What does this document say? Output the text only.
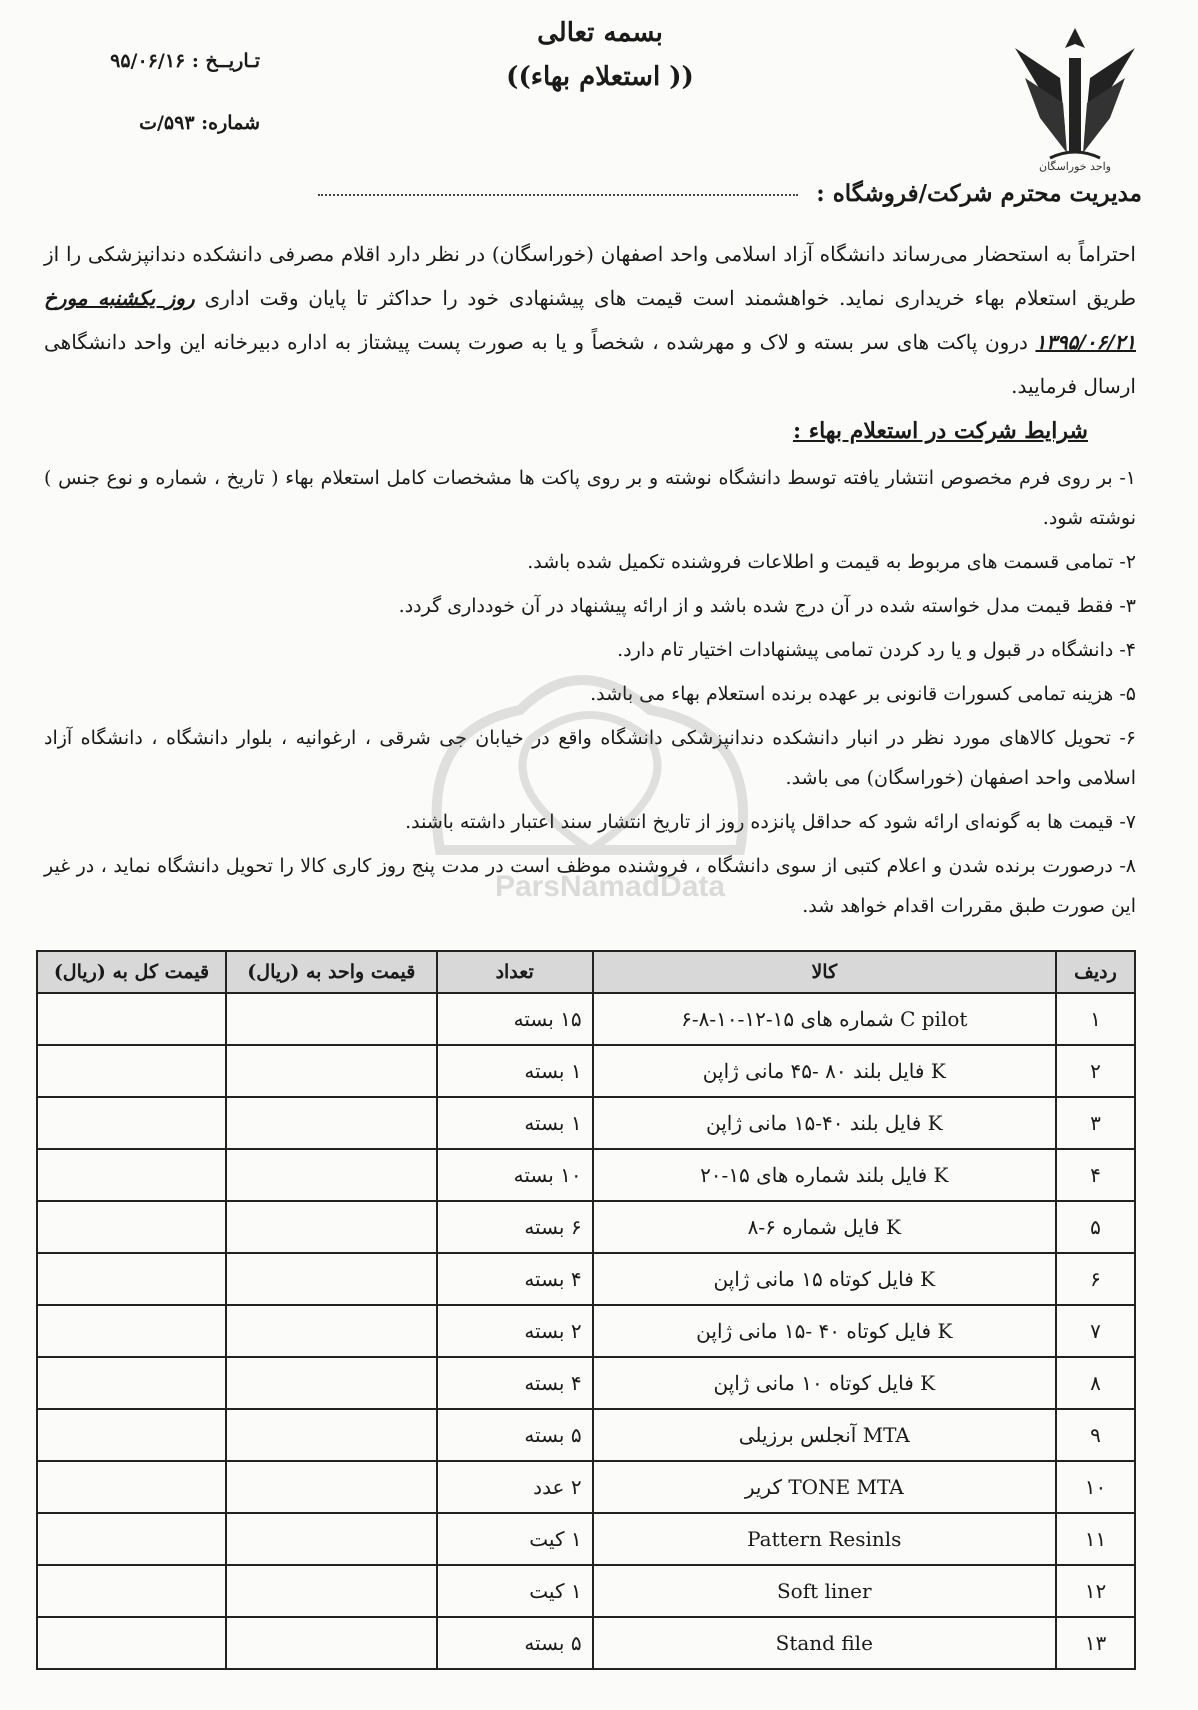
واحد خوراسگان
بسمه تعالی
(( استعلام بهاء))
تـاریــخ : ۹۵/۰۶/۱۶
شماره: ۵۹۳/ت
مدیریت محترم شرکت/فروشگاه :
احتراماً به استحضار می‌رساند دانشگاه آزاد اسلامی واحد اصفهان (خوراسگان) در نظر دارد اقلام مصرفی دانشکده دندانپزشکی را از طریق استعلام بهاء خریداری نماید. خواهشمند است قیمت های پیشنهادی خود را حداکثر تا پایان وقت اداری روز یکشنبه مورخ ۱۳۹۵/۰۶/۲۱ درون پاکت های سر بسته و لاک و مهرشده ، شخصاً و یا به صورت پست پیشتاز به اداره دبیرخانه این واحد دانشگاهی ارسال فرمایید.
شرایط شرکت در استعلام بهاء :

۱- بر روی فرم مخصوص انتشار یافته توسط دانشگاه نوشته و بر روی پاکت ها مشخصات کامل استعلام بهاء ( تاریخ ، شماره و نوع جنس ) نوشته شود.

۲- تمامی قسمت های مربوط به قیمت و اطلاعات فروشنده تکمیل شده باشد.

۳- فقط قیمت مدل خواسته شده در آن درج شده باشد و از ارائه پیشنهاد در آن خودداری گردد.

۴- دانشگاه در قبول و یا رد کردن تمامی پیشنهادات اختیار تام دارد.

۵- هزینه تمامی کسورات قانونی بر عهده برنده استعلام بهاء می باشد.

۶- تحویل کالاهای مورد نظر در انبار دانشکده دندانپزشکی دانشگاه واقع در خیابان جی شرقی ، ارغوانیه ، بلوار دانشگاه ، دانشگاه آزاد اسلامی واحد اصفهان (خوراسگان) می باشد.

۷- قیمت ها به گونه‌ای ارائه شود که حداقل پانزده روز از تاریخ انتشار سند اعتبار داشته باشند.

۸- درصورت برنده شدن و اعلام کتبی از سوی دانشگاه ، فروشنده موظف است در مدت پنج روز کاری کالا را تحویل دانشگاه نماید ، در غیر این صورت طبق مقررات اقدام خواهد شد.

ParsNamadData
ردیف	کالا	تعداد	قیمت واحد به (ریال)	قیمت کل به (ریال)
۱	C pilot شماره های ۱۵-۱۲-۱۰-۸-۶	۱۵ بسته		
۲	K فایل بلند ۸۰ -۴۵ مانی ژاپن	۱ بسته		
۳	K فایل بلند ۴۰-۱۵ مانی ژاپن	۱ بسته		
۴	K فایل بلند شماره های ۱۵-۲۰	۱۰ بسته		
۵	K فایل شماره ۶-۸	۶ بسته		
۶	K فایل کوتاه ۱۵ مانی ژاپن	۴ بسته		
۷	K فایل کوتاه ۴۰ -۱۵ مانی ژاپن	۲ بسته		
۸	K فایل کوتاه ۱۰ مانی ژاپن	۴ بسته		
۹	MTA آنجلس برزیلی	۵ بسته		
۱۰	TONE MTA کریر	۲ عدد		
۱۱	Pattern Resinls	۱ کیت		
۱۲	Soft liner	۱ کیت		
۱۳	Stand file	۵ بسته		
